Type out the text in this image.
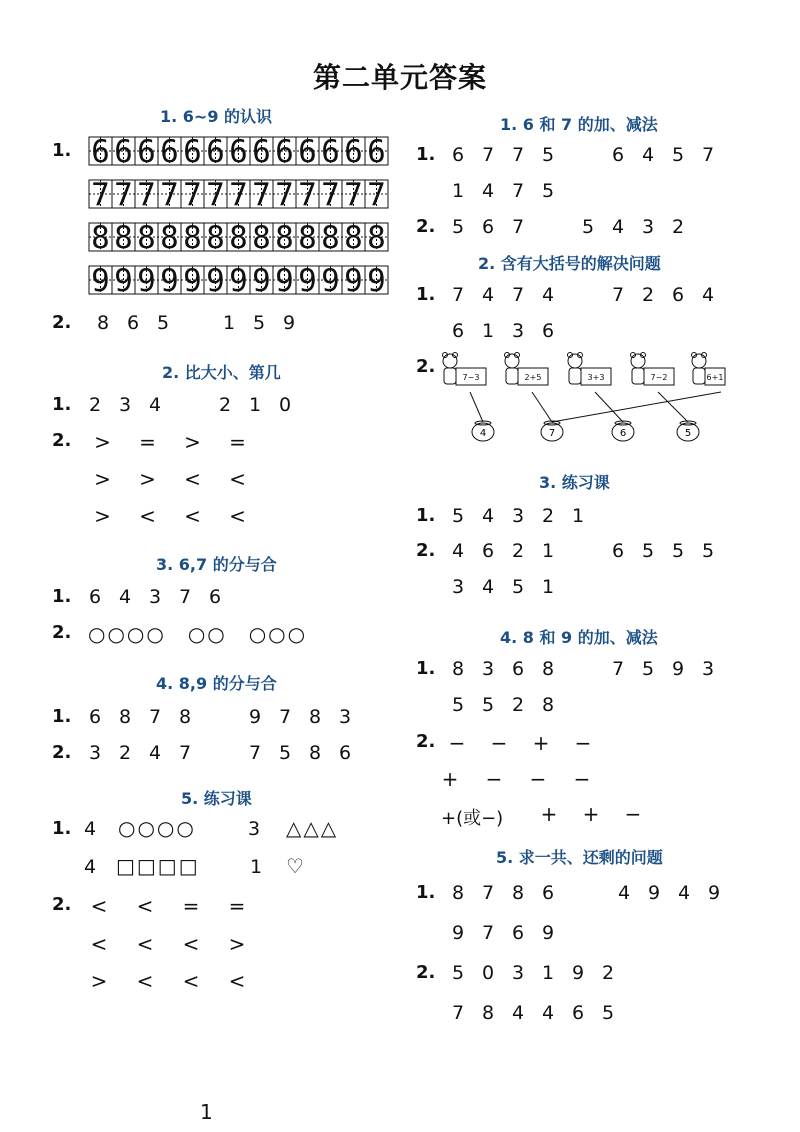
第二单元答案
1. 6~9 的认识
1. 6 6 6 6 6 6 6 6 6 6 6 6 6
7 7 7 7 7 7 7 7 7 7 7 7 7
8 8 8 8 8 8 8 8 8 8 8 8 8
9 9 9 9 9 9 9 9 9 9 9 9 9
2.	8 6 5	1 5 9
2. 比大小、第几
1. 2 3 4	2 1 0
2.	> = > =
> > < <
> < < <
3. 6,7 的分与合
1. 6 4 3 7 6
2. ○○○○ ○○ ○○○
4. 8,9 的分与合
1. 6 8 7 8	9 7 8 3
2. 3 2 4 7	7 5 8 6
5. 练习课
1. 4 ○○○○	3 △△△
4 □□□□	1 ♡
2. < < = =
< < < >
> < < <
1. 6 和 7 的加、减法
1. 6 7 7 5	6 4 5 7
1 4 7 5
2. 5 6 7	5 4 3 2
2. 含有大括号的解决问题
1. 7 4 7 4	7 2 6 4
6 1 3 6
2.
7−3	2+5	3+3	7−2	6+1
4	7	6	5
3. 练习课
1. 5 4 3 2 1
2. 4 6 2 1	6 5 5 5
3 4 5 1
4. 8 和 9 的加、减法
1. 8 3 6 8	7 5 9 3
5 5 2 8
2. − − + −
+ − − −
+(或−)	+ + −
5. 求一共、还剩的问题
1. 8 7 8 6	4 9 4 9
9 7 6 9
2. 5 0 3 1 9 2
7 8 4 4 6 5
1
